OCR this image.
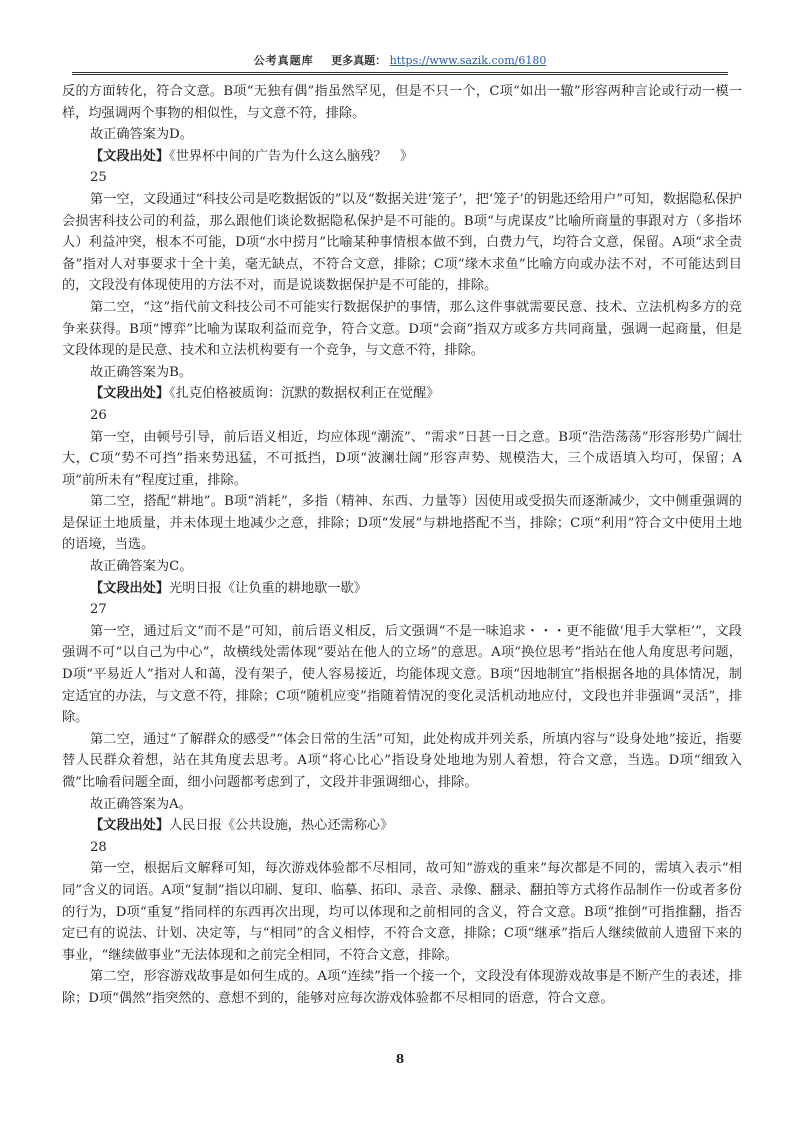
公考真题库 更多真题： https://www.sazik.com/6180

反的方面转化，符合文意。B项“无独有偶”指虽然罕见，但是不只一个，C项“如出一辙”形容两种言论或行动一模一样，均强调两个事物的相似性，与文意不符，排除。

故正确答案为D。

【文段出处】《世界杯中间的广告为什么这么脑残？　》

25

第一空，文段通过“科技公司是吃数据饭的”以及“数据关进‘笼子’，把‘笼子’的钥匙还给用户”可知，数据隐私保护会损害科技公司的利益，那么跟他们谈论数据隐私保护是不可能的。B项“与虎谋皮”比喻所商量的事跟对方（多指坏人）利益冲突，根本不可能，D项“水中捞月”比喻某种事情根本做不到，白费力气，均符合文意，保留。A项“求全责备”指对人对事要求十全十美，毫无缺点，不符合文意，排除；C项“缘木求鱼”比喻方向或办法不对，不可能达到目的，文段没有体现使用的方法不对，而是说谈数据保护是不可能的，排除。

第二空，“这”指代前文科技公司不可能实行数据保护的事情，那么这件事就需要民意、技术、立法机构多方的竞争来获得。B项“博弈”比喻为谋取利益而竞争，符合文意。D项“会商”指双方或多方共同商量，强调一起商量，但是文段体现的是民意、技术和立法机构要有一个竞争，与文意不符，排除。

故正确答案为B。

【文段出处】《扎克伯格被质询：沉默的数据权利正在觉醒》

26

第一空，由顿号引导，前后语义相近，均应体现“潮流”、“需求”日甚一日之意。B项“浩浩荡荡”形容形势广阔壮大，C项“势不可挡”指来势迅猛，不可抵挡，D项“波澜壮阔”形容声势、规模浩大，三个成语填入均可，保留；A项“前所未有”程度过重，排除。

第二空，搭配“耕地”。B项“消耗”，多指（精神、东西、力量等）因使用或受损失而逐渐减少，文中侧重强调的是保证土地质量，并未体现土地减少之意，排除；D项“发展”与耕地搭配不当，排除；C项“利用”符合文中使用土地的语境，当选。

故正确答案为C。

【文段出处】光明日报《让负重的耕地歇一歇》

27

第一空，通过后文“而不是”可知，前后语义相反，后文强调“不是一味追求・・・更不能做‘甩手大掌柜’”，文段强调不可“以自己为中心”，故横线处需体现“要站在他人的立场”的意思。A项“换位思考”指站在他人角度思考问题，D项“平易近人”指对人和蔼，没有架子，使人容易接近，均能体现文意。B项“因地制宜”指根据各地的具体情况，制定适宜的办法，与文意不符，排除；C项“随机应变”指随着情况的变化灵活机动地应付，文段也并非强调“灵活”，排除。

第二空，通过“了解群众的感受”“体会日常的生活”可知，此处构成并列关系，所填内容与“设身处地”接近，指要替人民群众着想，站在其角度去思考。A项“将心比心”指设身处地地为别人着想，符合文意，当选。D项“细致入微”比喻看问题全面，细小问题都考虑到了，文段并非强调细心，排除。

故正确答案为A。

【文段出处】人民日报《公共设施，热心还需称心》

28

第一空，根据后文解释可知，每次游戏体验都不尽相同，故可知“游戏的重来”每次都是不同的，需填入表示“相同”含义的词语。A项“复制”指以印刷、复印、临摹、拓印、录音、录像、翻录、翻拍等方式将作品制作一份或者多份的行为，D项“重复”指同样的东西再次出现，均可以体现和之前相同的含义，符合文意。B项“推倒”可指推翻，指否定已有的说法、计划、决定等，与“相同”的含义相悖，不符合文意，排除；C项“继承”指后人继续做前人遗留下来的事业，“继续做事业”无法体现和之前完全相同，不符合文意，排除。

第二空，形容游戏故事是如何生成的。A项“连续”指一个接一个，文段没有体现游戏故事是不断产生的表述，排除；D项“偶然”指突然的、意想不到的，能够对应每次游戏体验都不尽相同的语意，符合文意。

8
